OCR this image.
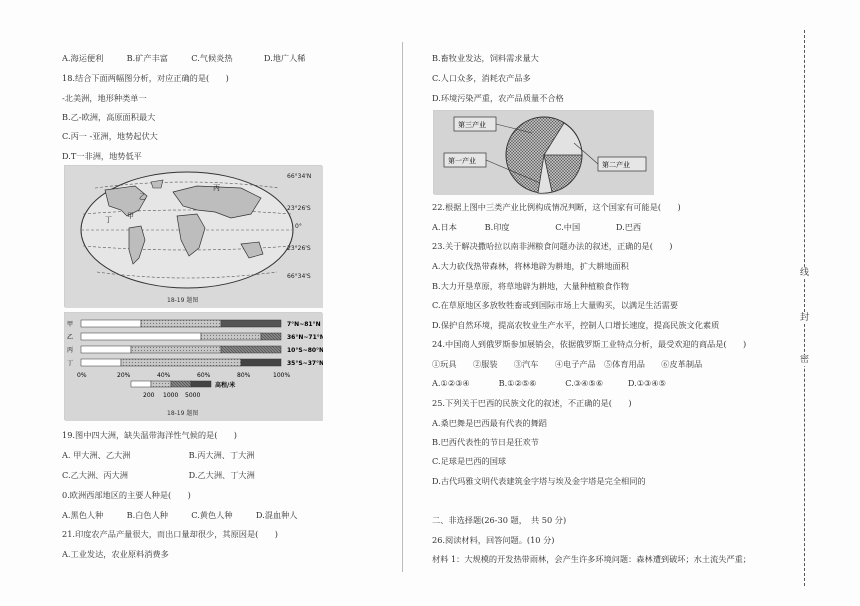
A.海运便利	B.矿产丰富	C.气候炎热	D.地广人稀
18.结合下面两幅图分析，对应正确的是(　　)
-北美洲，地形种类单一
B.乙-欧洲，高原面积最大
C.丙一 -亚洲，地势起伏大
D.T一非洲，地势低平
乙
甲
丙
丁
66°34'N
23°26'S
0°
23°26'S
66°34'S
18-19 题图
甲	7°N~81°N
乙	36°N~71°N
丙	10°S~80°N
丁	35°S~37°N
0%	20%	40%	60%	80%	100%
高程/米
200 1000 5000
18-19 题图
19.图中四大洲，缺失温带海洋性气候的是(　　)
A. 甲大洲、乙大洲	B.丙大洲、丁大洲
C.乙大洲、丙大洲	D.乙大洲、丁大洲
0.欧洲西部地区的主要人种是(　　)
A.黑色人种	B.白色人种	C.黄色人种	D.混血种人
21.印度农产品产量很大，而出口量却很少，其原因是(　　)
A.工业发达，农业原料消费多
B.畜牧业发达，饲料需求量大
C.人口众多，消耗农产品多
D.环境污染严重，农产品质量不合格
第三产业
第一产业	第二产业
22.根据上图中三类产业比例构成情况判断，这个国家有可能是(　　)
A.日本	B.印度	C.中国	D.巴西
23.关于解决撒哈拉以南非洲粮食问题办法的叙述，正确的是(　　)
A.大力砍伐热带森林，将林地辟为耕地，扩大耕地面积
B.大力开垦草原，将草地辟为耕地，大量种植粮食作物
C.在草原地区多放牧牲畜或到国际市场上大量购买，以满足生活需要
D.保护自然环境，提高农牧业生产水平，控制人口增长速度，提高民族文化素质
24.中国商人到俄罗斯参加展销会，依据俄罗斯工业特点分析，最受欢迎的商品是(　　)
①玩具　　②服装　　③汽车　　④电子产品　⑤体育用品　　⑥皮革制品
A.①②③④	B.①②⑤⑥	C.③④⑤⑥	D.①③④⑤
25.下列关于巴西的民族文化的叙述，不正确的是(　　)
A.桑巴舞是巴西最有代表的舞蹈
B.巴西代表性的节日是狂欢节
C.足球是巴西的国球
D.古代玛雅文明代表建筑金字塔与埃及金字塔是完全相同的
二、非选择题(26-30 题，　共 50 分)
26.阅读材料，回答问题。(10 分)
材料 1：大规模的开发热带雨林，会产生许多环境问题：森林遭到破坏；水土流失严重；
线
封
密
